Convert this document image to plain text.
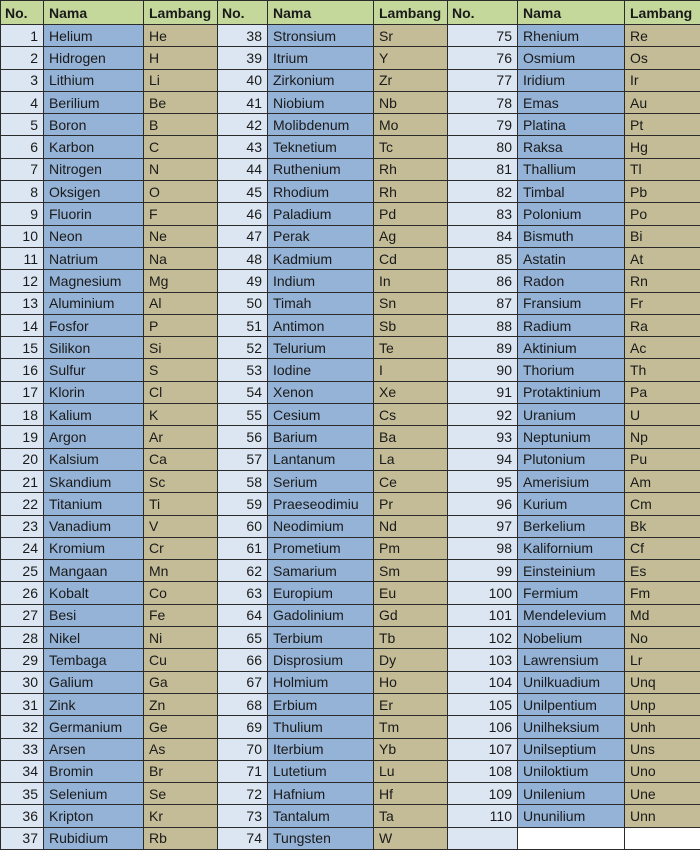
No.	Nama	Lambang	No.	Nama	Lambang	No.	Nama	Lambang
1	Helium	He	38	Stronsium	Sr	75	Rhenium	Re
2	Hidrogen	H	39	Itrium	Y	76	Osmium	Os
3	Lithium	Li	40	Zirkonium	Zr	77	Iridium	Ir
4	Berilium	Be	41	Niobium	Nb	78	Emas	Au
5	Boron	B	42	Molibdenum	Mo	79	Platina	Pt
6	Karbon	C	43	Teknetium	Tc	80	Raksa	Hg
7	Nitrogen	N	44	Ruthenium	Rh	81	Thallium	Tl
8	Oksigen	O	45	Rhodium	Rh	82	Timbal	Pb
9	Fluorin	F	46	Paladium	Pd	83	Polonium	Po
10	Neon	Ne	47	Perak	Ag	84	Bismuth	Bi
11	Natrium	Na	48	Kadmium	Cd	85	Astatin	At
12	Magnesium	Mg	49	Indium	In	86	Radon	Rn
13	Aluminium	Al	50	Timah	Sn	87	Fransium	Fr
14	Fosfor	P	51	Antimon	Sb	88	Radium	Ra
15	Silikon	Si	52	Telurium	Te	89	Aktinium	Ac
16	Sulfur	S	53	Iodine	I	90	Thorium	Th
17	Klorin	Cl	54	Xenon	Xe	91	Protaktinium	Pa
18	Kalium	K	55	Cesium	Cs	92	Uranium	U
19	Argon	Ar	56	Barium	Ba	93	Neptunium	Np
20	Kalsium	Ca	57	Lantanum	La	94	Plutonium	Pu
21	Skandium	Sc	58	Serium	Ce	95	Amerisium	Am
22	Titanium	Ti	59	Praeseodimiu	Pr	96	Kurium	Cm
23	Vanadium	V	60	Neodimium	Nd	97	Berkelium	Bk
24	Kromium	Cr	61	Prometium	Pm	98	Kalifornium	Cf
25	Mangaan	Mn	62	Samarium	Sm	99	Einsteinium	Es
26	Kobalt	Co	63	Europium	Eu	100	Fermium	Fm
27	Besi	Fe	64	Gadolinium	Gd	101	Mendelevium	Md
28	Nikel	Ni	65	Terbium	Tb	102	Nobelium	No
29	Tembaga	Cu	66	Disprosium	Dy	103	Lawrensium	Lr
30	Galium	Ga	67	Holmium	Ho	104	Unilkuadium	Unq
31	Zink	Zn	68	Erbium	Er	105	Unilpentium	Unp
32	Germanium	Ge	69	Thulium	Tm	106	Unilheksium	Unh
33	Arsen	As	70	Iterbium	Yb	107	Unilseptium	Uns
34	Bromin	Br	71	Lutetium	Lu	108	Uniloktium	Uno
35	Selenium	Se	72	Hafnium	Hf	109	Unilenium	Une
36	Kripton	Kr	73	Tantalum	Ta	110	Ununilium	Unn
37	Rubidium	Rb	74	Tungsten	W			
